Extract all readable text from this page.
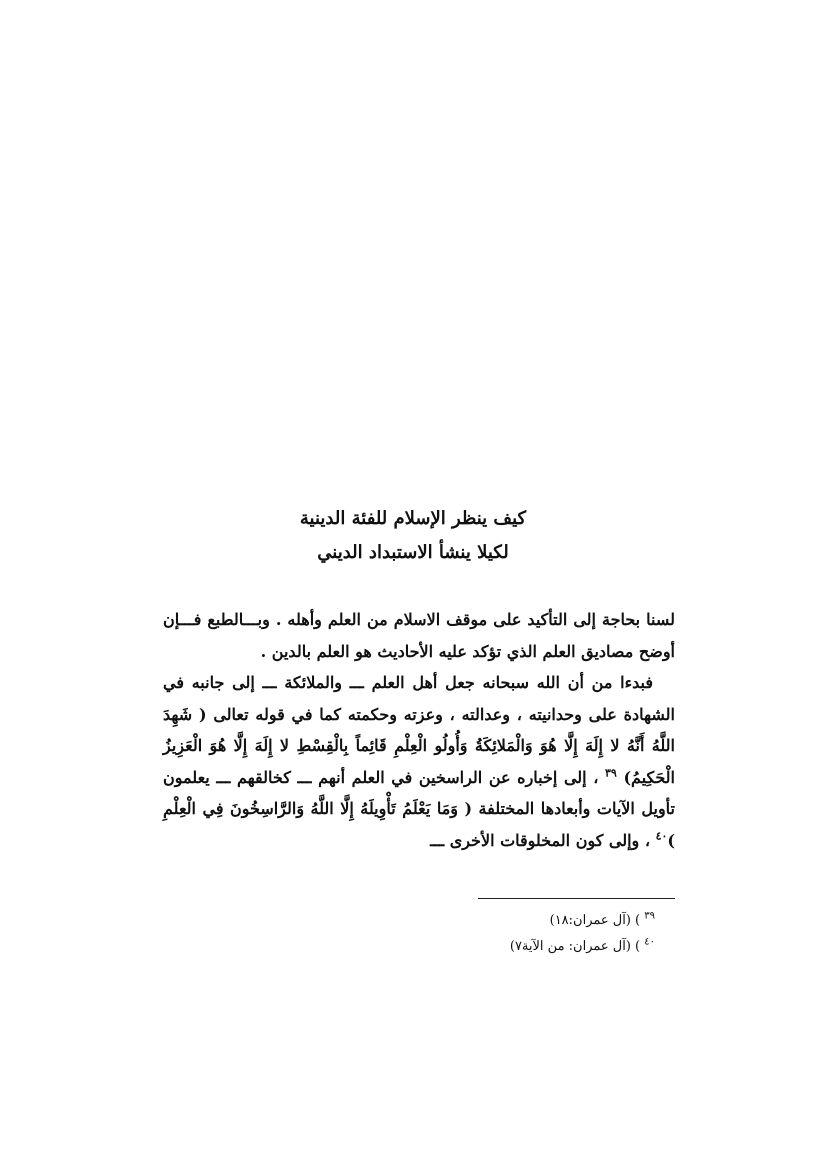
كيف ينظر الإسلام للفئة الدينية
لكيلا ينشأ الاستبداد الديني

لسنا بحاجة إلى التأكيد على موقف الاسلام من العلم وأهله . وبـــالطبع فـــإن أوضح مصاديق العلم الذي تؤكد عليه الأحاديث هو العلم بالدين .

فبدءا من أن الله سبحانه جعل أهل العلم ـــ والملائكة ـــ إلى جانبه في الشهادة على وحدانيته ، وعدالته ، وعزته وحكمته كما في قوله تعالى ( شَهِدَ اللَّهُ أَنَّهُ لا إِلَهَ إِلَّا هُوَ وَالْمَلائِكَةُ وَأُولُو الْعِلْمِ قَائِماً بِالْقِسْطِ لا إِلَهَ إِلَّا هُوَ الْعَزِيزُ الْحَكِيمُ) $^{٣٩}$ ، إلى إخباره عن الراسخين في العلم أنهم ـــ كخالقهم ـــ يعلمون تأويل الآيات وأبعادها المختلفة ( وَمَا يَعْلَمُ تَأْوِيلَهُ إِلَّا اللَّهُ وَالرَّاسِخُونَ فِي الْعِلْمِ )$^{٤٠}$ ، وإلى كون المخلوقات الأخرى ـــ

$^{٣٩}$ ) (آل عمران:١٨)
$^{٤٠}$ ) (آل عمران: من الآية٧)
